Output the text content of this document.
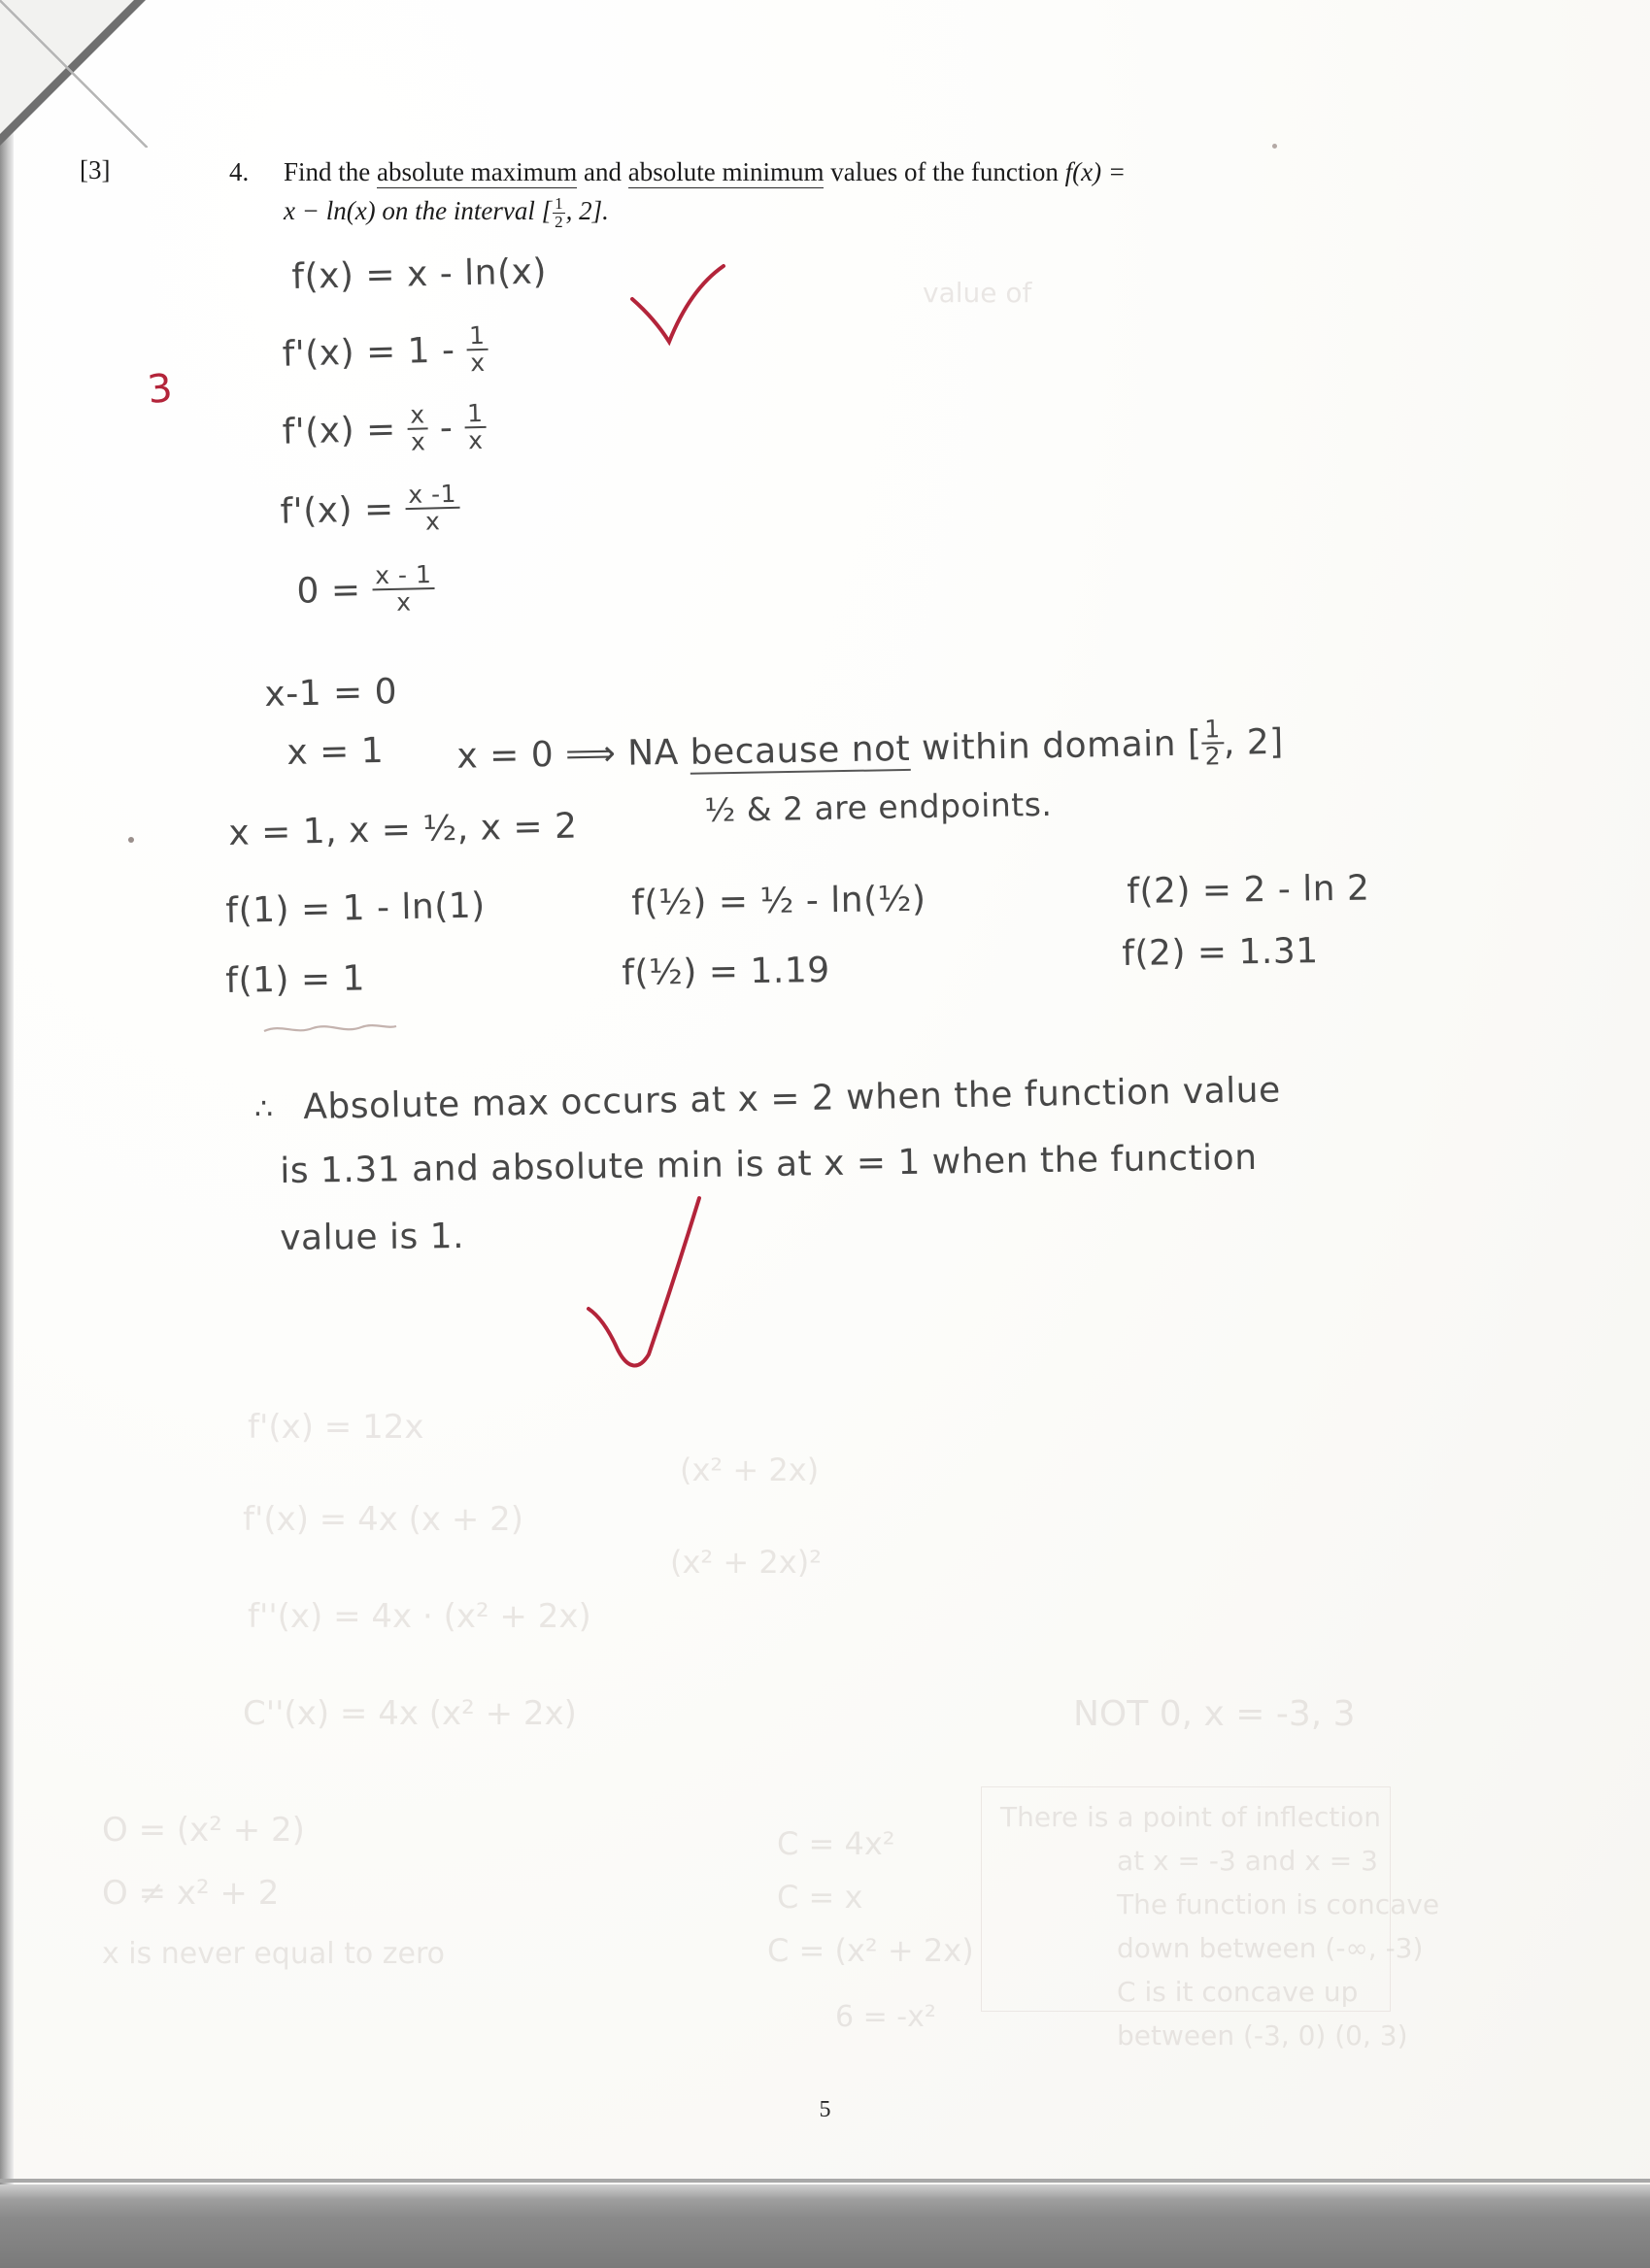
f'(x) = 12x
(x² + 2x)
f'(x) = 4x (x + 2)
(x² + 2x)²
f''(x) = 4x · (x² + 2x)
C''(x) = 4x (x² + 2x)
O = (x² + 2)
O ≠ x² + 2
x is never equal to zero
NOT 0, x = -3, 3
There is a point of inflection
at x = -3 and x = 3
The function is concave
down between (-∞, -3)
C is it concave up
between (-3, 0) (0, 3)
value of
C = 4x²
C = x
C = (x² + 2x)
6 = -x²
[3]	4. Find the absolute maximum and absolute minimum values of the function f(x) =
x − ln(x) on the interval [ $\frac{1}{2}$ , 2].
f(x) = x - ln(x)
$f'(x) = 1 - \frac{1}{x}$
$f'(x) = \frac{x}{x} - \frac{1}{x}$
$f'(x) = \frac{x -1}{x}$
$0 = \frac{x - 1}{x}$
x-1 = 0
x = 1 x = 0 ⟹ NA because not within domain [ $\frac{1}{2}$ , 2]
x = 1, x = ½, x = 2	½ & 2 are endpoints.
f(1) = 1 - ln(1)
f(1) = 1
f(½) = ½ - ln(½)
f(½) = 1.19
f(2) = 2 - ln 2
f(2) = 1.31
∴ Absolute max occurs at x = 2 when the function value
is 1.31 and absolute min is at x = 1 when the function
value is 1.
3
5
